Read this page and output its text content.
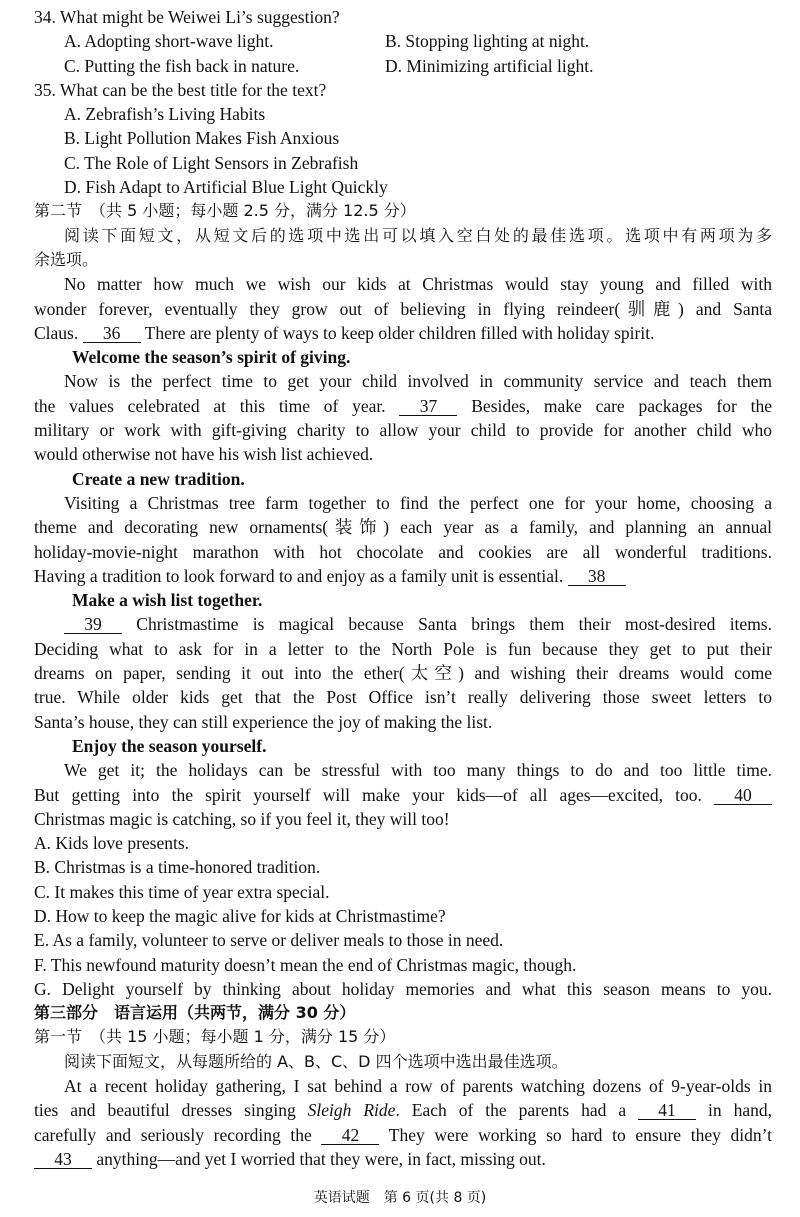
34. What might be Weiwei Li’s suggestion?
A. Adopting short-wave light.	B. Stopping lighting at night.
C. Putting the fish back in nature.	D. Minimizing artificial light.
35. What can be the best title for the text?
A. Zebrafish’s Living Habits
B. Light Pollution Makes Fish Anxious
C. The Role of Light Sensors in Zebrafish
D. Fish Adapt to Artificial Blue Light Quickly
第二节　（共 5 小题；每小题 2.5 分，满分 12.5 分）
阅读下面短文，从短文后的选项中选出可以填入空白处的最佳选项。选项中有两项为多
余选项。
No matter how much we wish our kids at Christmas would stay young and filled with
wonder forever, eventually they grow out of believing in flying reindeer(驯鹿) and Santa
Claus. 36 There are plenty of ways to keep older children filled with holiday spirit.
Welcome the season’s spirit of giving.
Now is the perfect time to get your child involved in community service and teach them
the values celebrated at this time of year. 37 Besides, make care packages for the
military or work with gift-giving charity to allow your child to provide for another child who
would otherwise not have his wish list achieved.
Create a new tradition.
Visiting a Christmas tree farm together to find the perfect one for your home, choosing a
theme and decorating new ornaments(装饰) each year as a family, and planning an annual
holiday-movie-night marathon with hot chocolate and cookies are all wonderful traditions.
Having a tradition to look forward to and enjoy as a family unit is essential. 38
Make a wish list together.
39 Christmastime is magical because Santa brings them their most-desired items.
Deciding what to ask for in a letter to the North Pole is fun because they get to put their
dreams on paper, sending it out into the ether(太空) and wishing their dreams would come
true. While older kids get that the Post Office isn’t really delivering those sweet letters to
Santa’s house, they can still experience the joy of making the list.
Enjoy the season yourself.
We get it; the holidays can be stressful with too many things to do and too little time.
But getting into the spirit yourself will make your kids—of all ages—excited, too. 40
Christmas magic is catching, so if you feel it, they will too!
A. Kids love presents.
B. Christmas is a time-honored tradition.
C. It makes this time of year extra special.
D. How to keep the magic alive for kids at Christmastime?
E. As a family, volunteer to serve or deliver meals to those in need.
F. This newfound maturity doesn’t mean the end of Christmas magic, though.
G. Delight yourself by thinking about holiday memories and what this season means to you.
第三部分　语言运用（共两节，满分 30 分）
第一节　（共 15 小题；每小题 1 分，满分 15 分）
阅读下面短文，从每题所给的 A、B、C、D 四个选项中选出最佳选项。
At a recent holiday gathering, I sat behind a row of parents watching dozens of 9-year-olds in
ties and beautiful dresses singing Sleigh Ride. Each of the parents had a 41 in hand,
carefully and seriously recording the 42 They were working so hard to ensure they didn’t
43 anything—and yet I worried that they were, in fact, missing out.
英语试题　第 6 页(共 8 页)
